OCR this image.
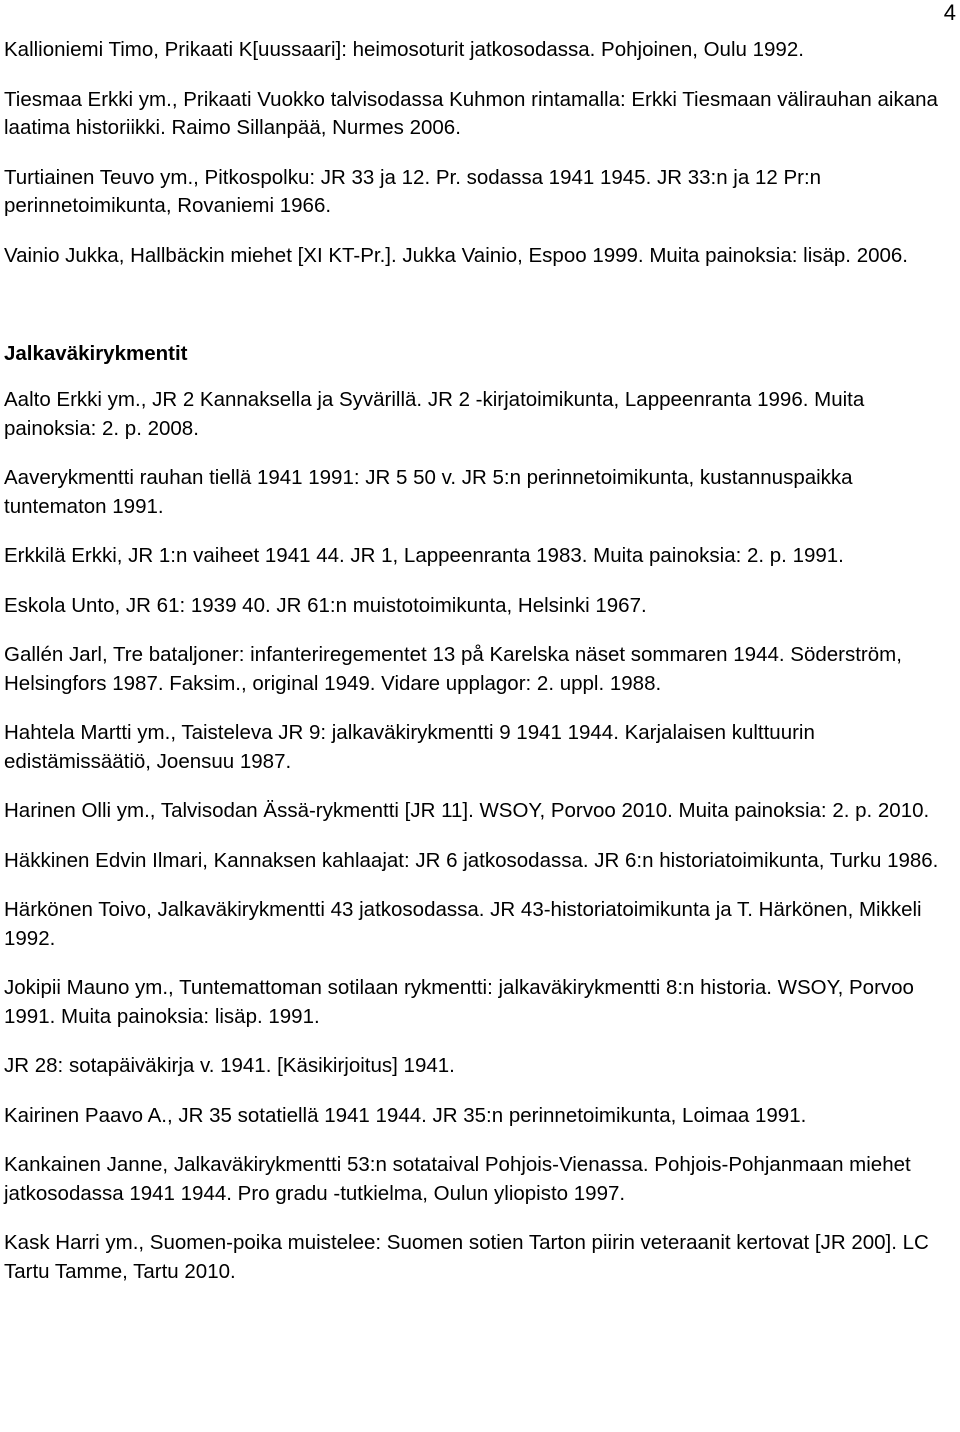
4

Kallioniemi Timo, Prikaati K[uussaari]: heimosoturit jatkosodassa. Pohjoinen, Oulu 1992.

Tiesmaa Erkki ym., Prikaati Vuokko talvisodassa Kuhmon rintamalla: Erkki Tiesmaan välirauhan aikana laatima historiikki. Raimo Sillanpää, Nurmes 2006.

Turtiainen Teuvo ym., Pitkospolku: JR 33 ja 12. Pr. sodassa 1941 1945. JR 33:n ja 12 Pr:n perinnetoimikunta, Rovaniemi 1966.

Vainio Jukka, Hallbäckin miehet [XI KT-Pr.]. Jukka Vainio, Espoo 1999. Muita painoksia: lisäp. 2006.

Jalkaväkirykmentit

Aalto Erkki ym., JR 2 Kannaksella ja Syvärillä. JR 2 -kirjatoimikunta, Lappeenranta 1996. Muita painoksia: 2. p. 2008.

Aaverykmentti rauhan tiellä 1941 1991: JR 5 50 v. JR 5:n perinnetoimikunta, kustannuspaikka tuntematon 1991.

Erkkilä Erkki, JR 1:n vaiheet 1941 44. JR 1, Lappeenranta 1983. Muita painoksia: 2. p. 1991.

Eskola Unto, JR 61: 1939 40. JR 61:n muistotoimikunta, Helsinki 1967.

Gallén Jarl, Tre bataljoner: infanteriregementet 13 på Karelska näset sommaren 1944. Söderström, Helsingfors 1987. Faksim., original 1949. Vidare upplagor: 2. uppl. 1988.

Hahtela Martti ym., Taisteleva JR 9: jalkaväkirykmentti 9 1941 1944. Karjalaisen kulttuurin edistämissäätiö, Joensuu 1987.

Harinen Olli ym., Talvisodan Ässä-rykmentti [JR 11]. WSOY, Porvoo 2010. Muita painoksia: 2. p. 2010.

Häkkinen Edvin Ilmari, Kannaksen kahlaajat: JR 6 jatkosodassa. JR 6:n historiatoimikunta, Turku 1986.

Härkönen Toivo, Jalkaväkirykmentti 43 jatkosodassa. JR 43-historiatoimikunta ja T. Härkönen, Mikkeli 1992.

Jokipii Mauno ym., Tuntemattoman sotilaan rykmentti: jalkaväkirykmentti 8:n historia. WSOY, Porvoo 1991. Muita painoksia: lisäp. 1991.

JR 28: sotapäiväkirja v. 1941. [Käsikirjoitus] 1941.

Kairinen Paavo A., JR 35 sotatiellä 1941 1944. JR 35:n perinnetoimikunta, Loimaa 1991.

Kankainen Janne, Jalkaväkirykmentti 53:n sotataival Pohjois-Vienassa. Pohjois-Pohjanmaan miehet jatkosodassa 1941 1944. Pro gradu -tutkielma, Oulun yliopisto 1997.

Kask Harri ym., Suomen-poika muistelee: Suomen sotien Tarton piirin veteraanit kertovat [JR 200]. LC Tartu Tamme, Tartu 2010.
